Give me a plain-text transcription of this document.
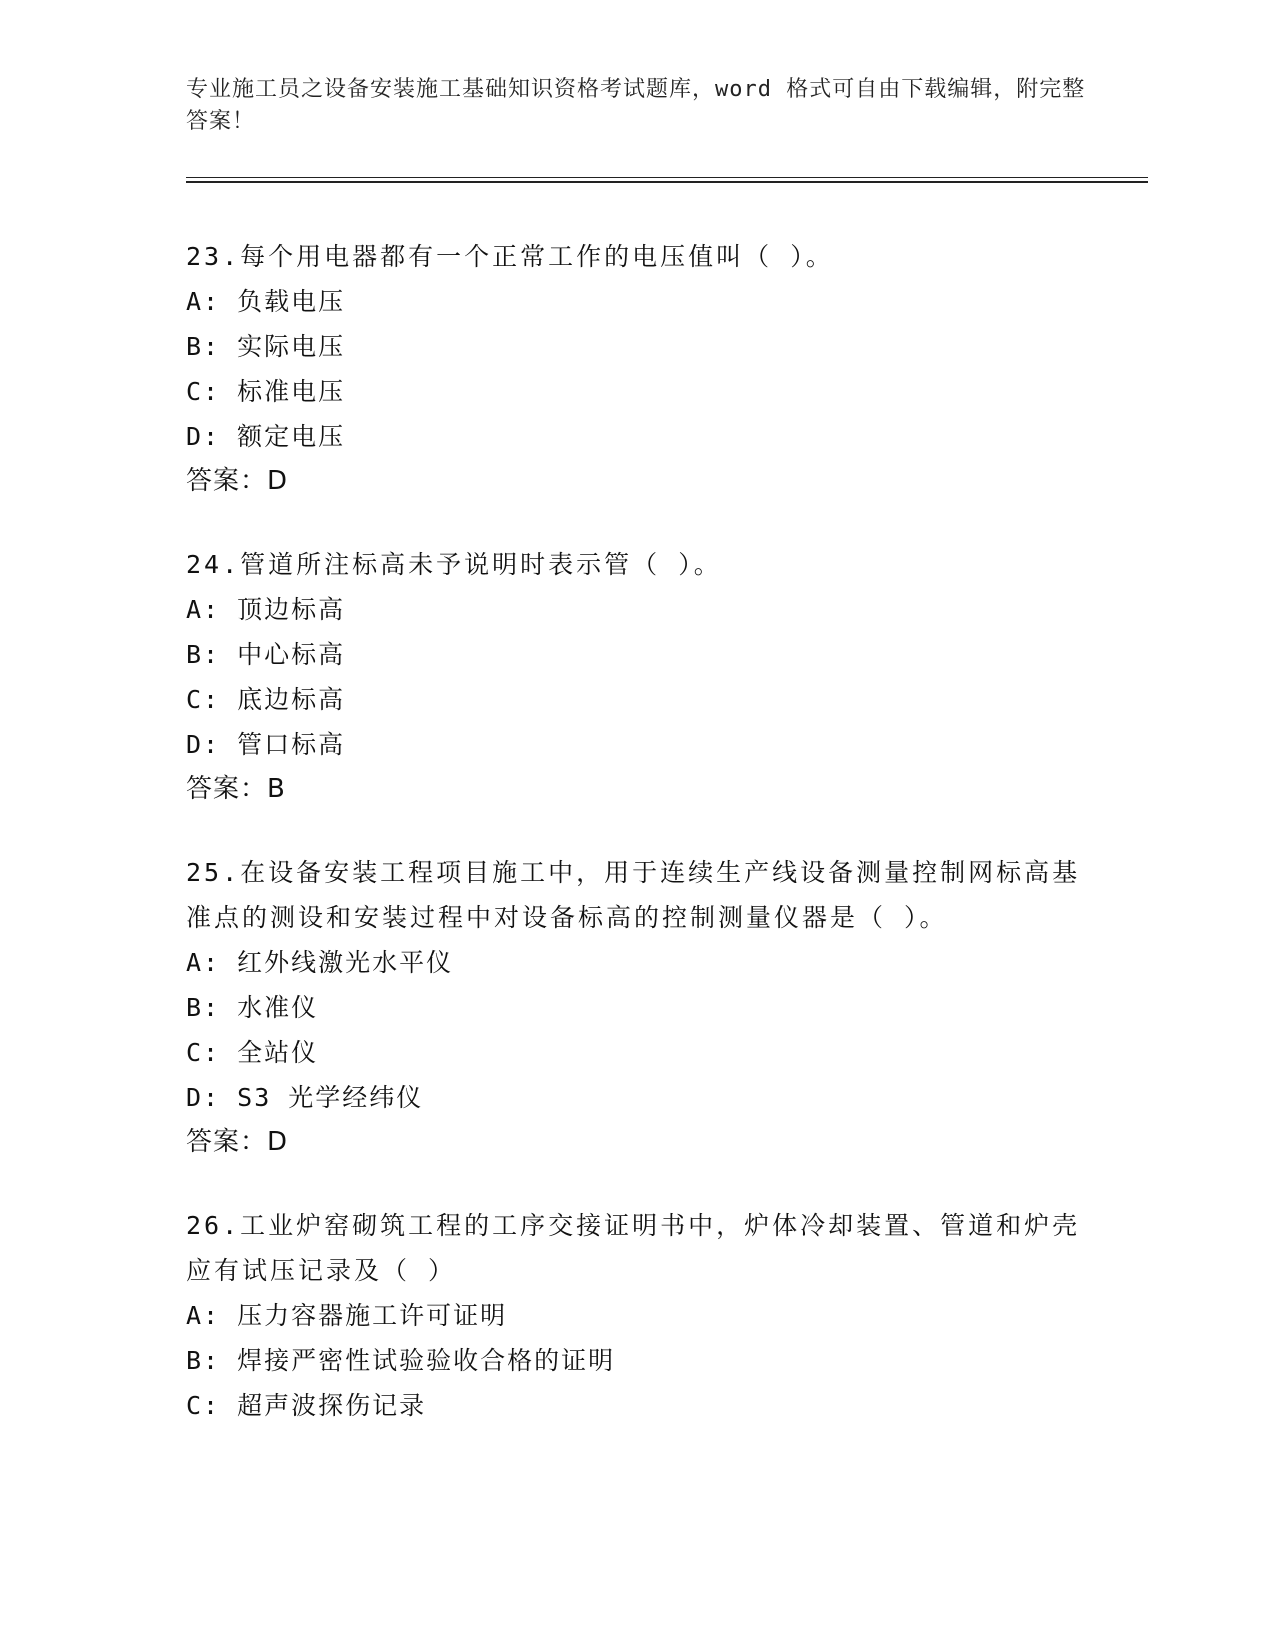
专业施工员之设备安装施工基础知识资格考试题库，word 格式可自由下载编辑，附完整答案！

23.每个用电器都有一个正常工作的电压值叫（ ）。

A: 负载电压

B: 实际电压

C: 标准电压

D: 额定电压

答案：D

24.管道所注标高未予说明时表示管（ ）。

A: 顶边标高

B: 中心标高

C: 底边标高

D: 管口标高

答案：B

25.在设备安装工程项目施工中，用于连续生产线设备测量控制网标高基准点的测设和安装过程中对设备标高的控制测量仪器是（ ）。

A: 红外线激光水平仪

B: 水准仪

C: 全站仪

D: S3 光学经纬仪

答案：D

26.工业炉窑砌筑工程的工序交接证明书中，炉体冷却装置、管道和炉壳应有试压记录及（ ）

A: 压力容器施工许可证明

B: 焊接严密性试验验收合格的证明

C: 超声波探伤记录
